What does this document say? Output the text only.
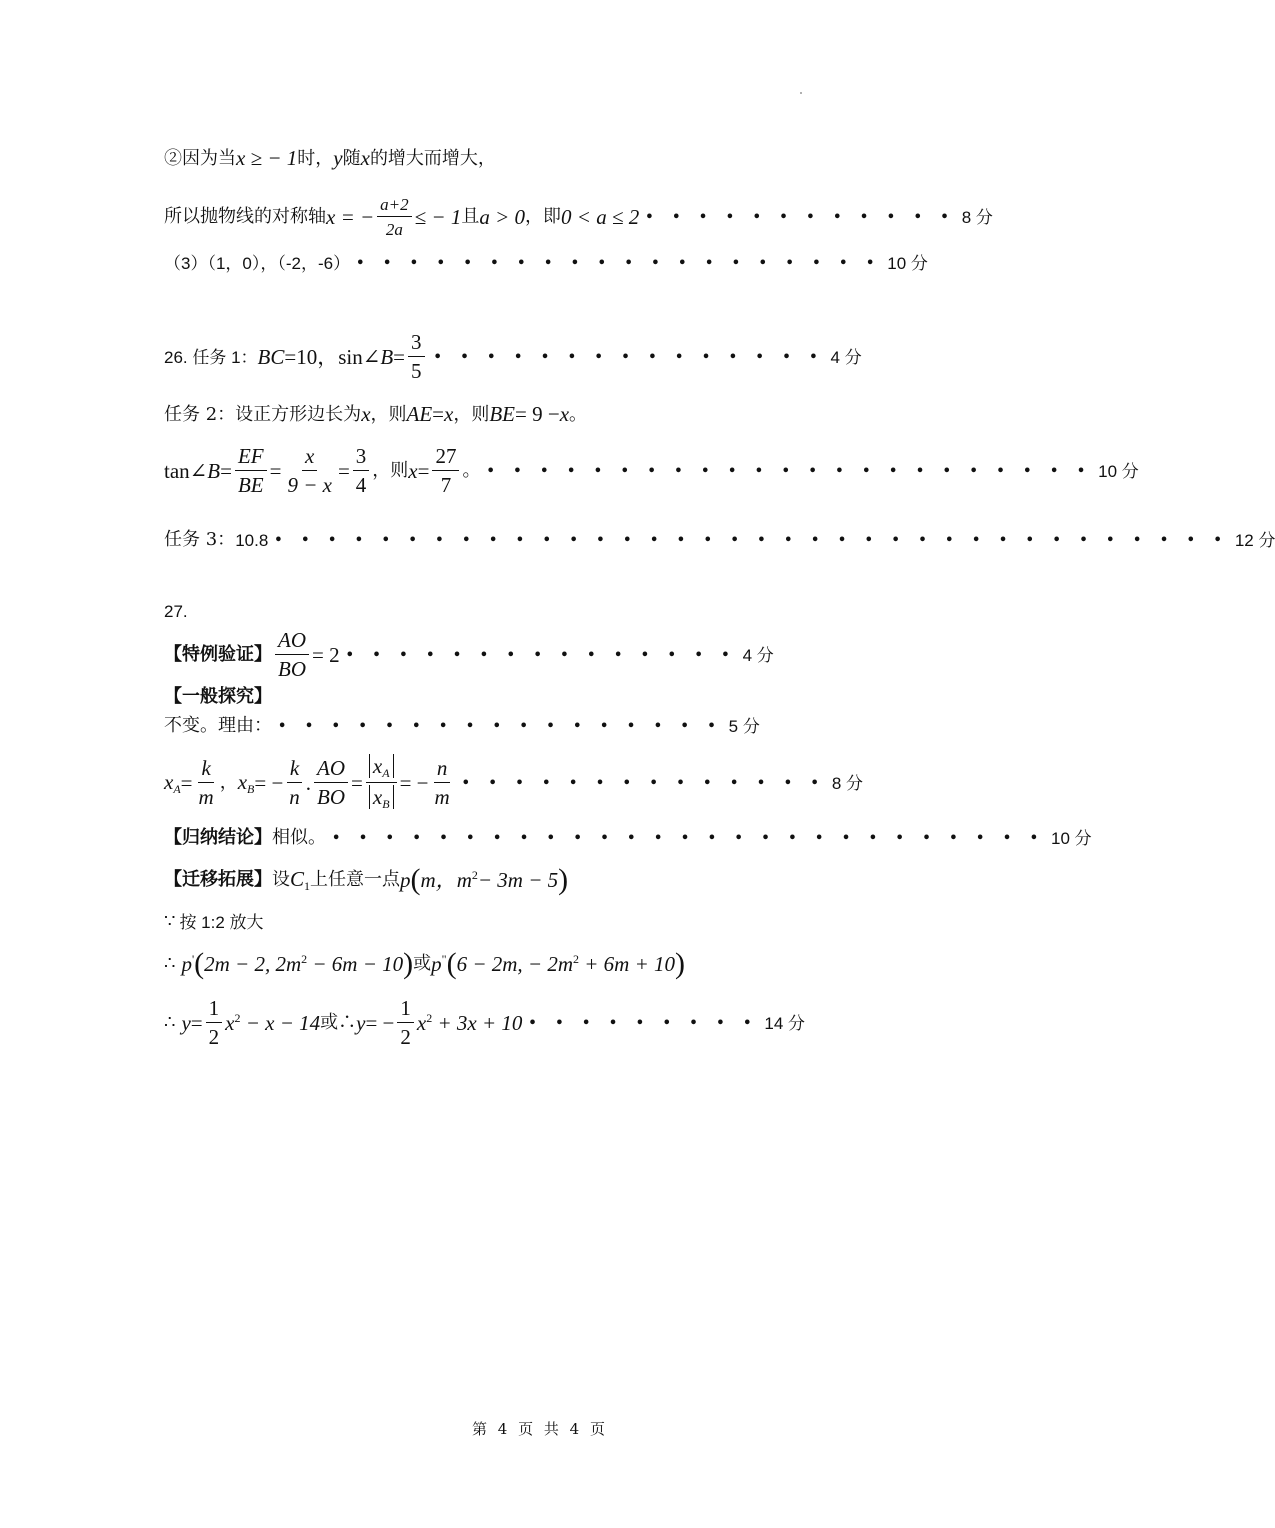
②因为当 x ≥ − 1 时， y 随 x 的增大而增大，
所以抛物线的对称轴 x = − $\frac{a+2}{2a}$ ≤ − 1 且 a > 0 ，即 0 < a ≤ 2 • • • • • • • • • • • • 8 分
（3）（1，0），（-2，-6） • • • • • • • • • • • • • • • • • • • • 10 分
26. 任务 1： BC =10， sin∠ $B = \frac{3}{5}$ • • • • • • • • • • • • • • • 4 分
任务 2：设正方形边长为 x ，则 AE = x ，则 BE = 9 − x 。
tan∠ $B = \frac{EF}{BE} = \frac{x}{9 - x} = \frac{3}{4}$ ，则 $x = \frac{27}{7}$ 。 • • • • • • • • • • • • • • • • • • • • • • • 10 分
任务 3： 10.8 • • • • • • • • • • • • • • • • • • • • • • • • • • • • • • • • • • • • 12 分
27.
【特例验证】 $\frac{AO}{BO} = 2$ • • • • • • • • • • • • • • • 4 分
【一般探究】
不变。理由： • • • • • • • • • • • • • • • • • 5 分
$x_A = \frac{k}{m}$ ， $x_B$ = − $\frac{k}{n}$ . $\frac{AO}{BO} = \frac{x_A}{x_B}$ = − $\frac{n}{m}$ • • • • • • • • • • • • • • 8 分
【归纳结论】 相似。 • • • • • • • • • • • • • • • • • • • • • • • • • • • 10 分
【迁移拓展】 设 $C_1$ 上任意一点 p ( m， $m^2 - 3m - 5$ )
∵ 按 1:2 放大
∴ p' ( 2m − 2, $2m^2 - 6m - 10$ ) 或 p" ( 6 − 2m, − $2m^2 + 6m + 10$ )
∴ $y = \frac{1}{2} x^2 - x - 14$ 或∴ y = − $\frac{1}{2} x^2 + 3x + 10$ • • • • • • • • • 14 分
第 4 页 共 4 页
